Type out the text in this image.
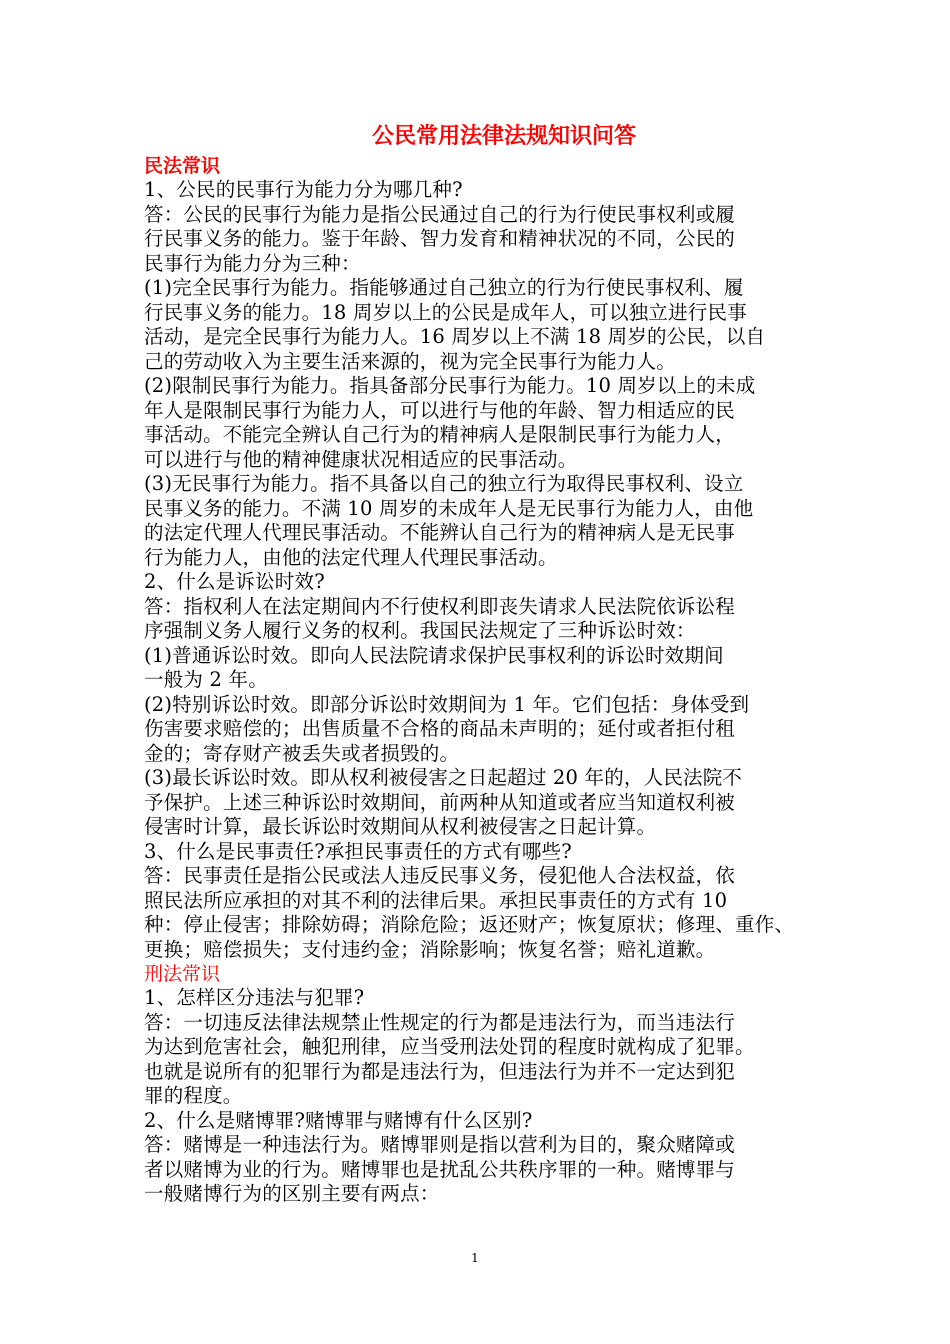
公民常用法律法规知识问答
民法常识

1、公民的民事行为能力分为哪几种?

答：公民的民事行为能力是指公民通过自己的行为行使民事权利或履

行民事义务的能力。鉴于年龄、智力发育和精神状况的不同，公民的

民事行为能力分为三种：

(1)完全民事行为能力。指能够通过自己独立的行为行使民事权利、履

行民事义务的能力。18 周岁以上的公民是成年人，可以独立进行民事

活动，是完全民事行为能力人。16 周岁以上不满 18 周岁的公民，以自

己的劳动收入为主要生活来源的，视为完全民事行为能力人。

(2)限制民事行为能力。指具备部分民事行为能力。10 周岁以上的未成

年人是限制民事行为能力人，可以进行与他的年龄、智力相适应的民

事活动。不能完全辨认自己行为的精神病人是限制民事行为能力人，

可以进行与他的精神健康状况相适应的民事活动。

(3)无民事行为能力。指不具备以自己的独立行为取得民事权利、设立

民事义务的能力。不满 10 周岁的未成年人是无民事行为能力人，由他

的法定代理人代理民事活动。不能辨认自己行为的精神病人是无民事

行为能力人，由他的法定代理人代理民事活动。

2、什么是诉讼时效?

答：指权利人在法定期间内不行使权利即丧失请求人民法院依诉讼程

序强制义务人履行义务的权利。我国民法规定了三种诉讼时效：

(1)普通诉讼时效。即向人民法院请求保护民事权利的诉讼时效期间

一般为 2 年。

(2)特别诉讼时效。即部分诉讼时效期间为 1 年。它们包括：身体受到

伤害要求赔偿的；出售质量不合格的商品未声明的；延付或者拒付租

金的；寄存财产被丢失或者损毁的。

(3)最长诉讼时效。即从权利被侵害之日起超过 20 年的，人民法院不

予保护。上述三种诉讼时效期间，前两种从知道或者应当知道权利被

侵害时计算，最长诉讼时效期间从权利被侵害之日起计算。

3、什么是民事责任?承担民事责任的方式有哪些?

答：民事责任是指公民或法人违反民事义务，侵犯他人合法权益，依

照民法所应承担的对其不利的法律后果。承担民事责任的方式有 10

种：停止侵害；排除妨碍；消除危险；返还财产；恢复原状；修理、重作、

更换；赔偿损失；支付违约金；消除影响；恢复名誉；赔礼道歉。

刑法常识

1、怎样区分违法与犯罪?

答：一切违反法律法规禁止性规定的行为都是违法行为，而当违法行

为达到危害社会，触犯刑律，应当受刑法处罚的程度时就构成了犯罪。

也就是说所有的犯罪行为都是违法行为，但违法行为并不一定达到犯

罪的程度。

2、什么是赌博罪?赌博罪与赌博有什么区别?

答：赌博是一种违法行为。赌博罪则是指以营利为目的，聚众赌障或

者以赌博为业的行为。赌博罪也是扰乱公共秩序罪的一种。赌博罪与

一般赌博行为的区别主要有两点：

1
